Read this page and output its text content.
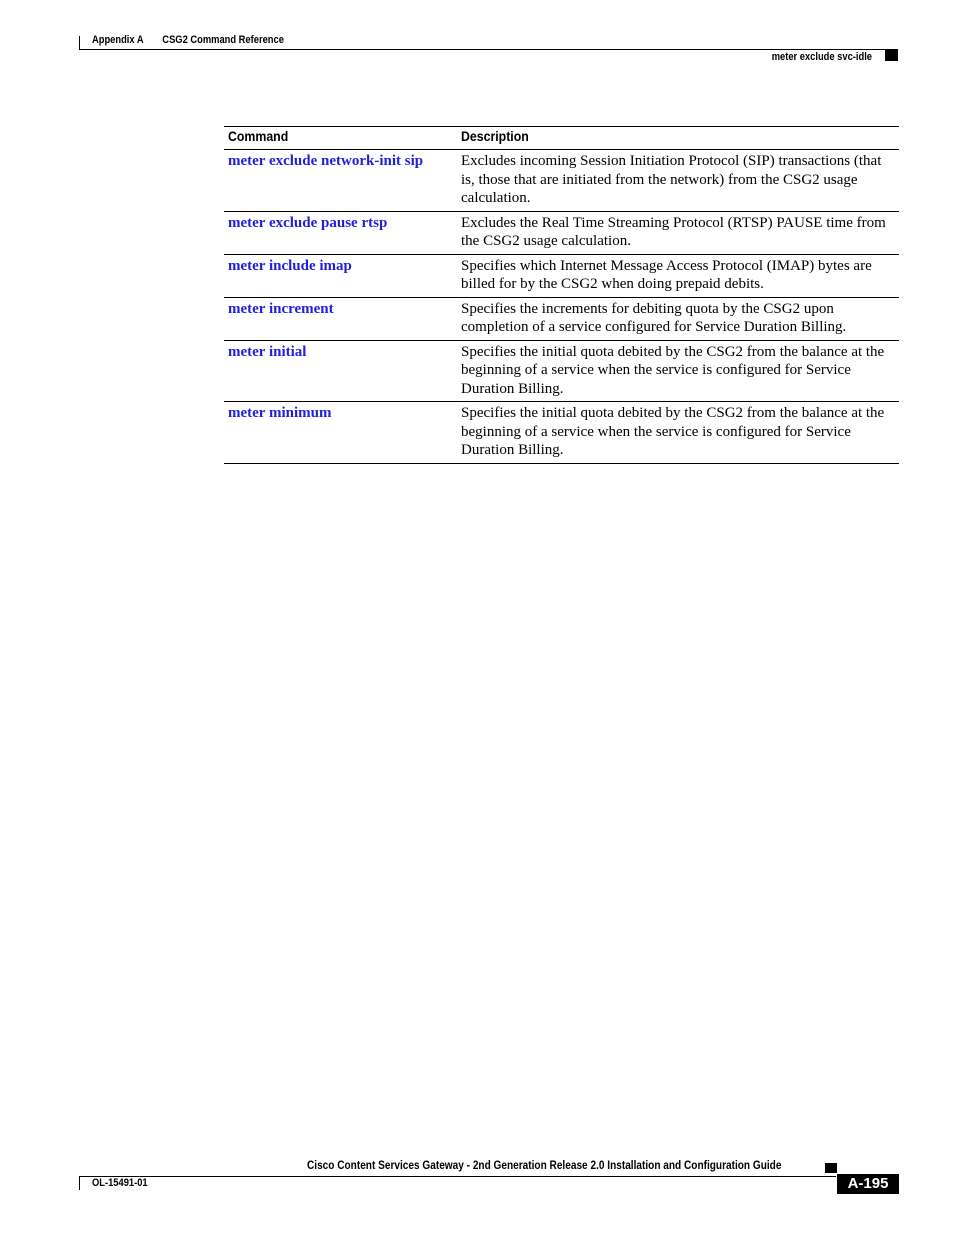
Appendix A CSG2 Command Reference
meter exclude svc-idle
Command	Description
meter exclude network-init sip	Excludes incoming Session Initiation Protocol (SIP) transactions (that is, those that are initiated from the network) from the CSG2 usage calculation.
meter exclude pause rtsp	Excludes the Real Time Streaming Protocol (RTSP) PAUSE time from the CSG2 usage calculation.
meter include imap	Specifies which Internet Message Access Protocol (IMAP) bytes are billed for by the CSG2 when doing prepaid debits.
meter increment	Specifies the increments for debiting quota by the CSG2 upon completion of a service configured for Service Duration Billing.
meter initial	Specifies the initial quota debited by the CSG2 from the balance at the beginning of a service when the service is configured for Service Duration Billing.
meter minimum	Specifies the initial quota debited by the CSG2 from the balance at the beginning of a service when the service is configured for Service Duration Billing.
Cisco Content Services Gateway - 2nd Generation Release 2.0 Installation and Configuration Guide
OL-15491-01	A-195
